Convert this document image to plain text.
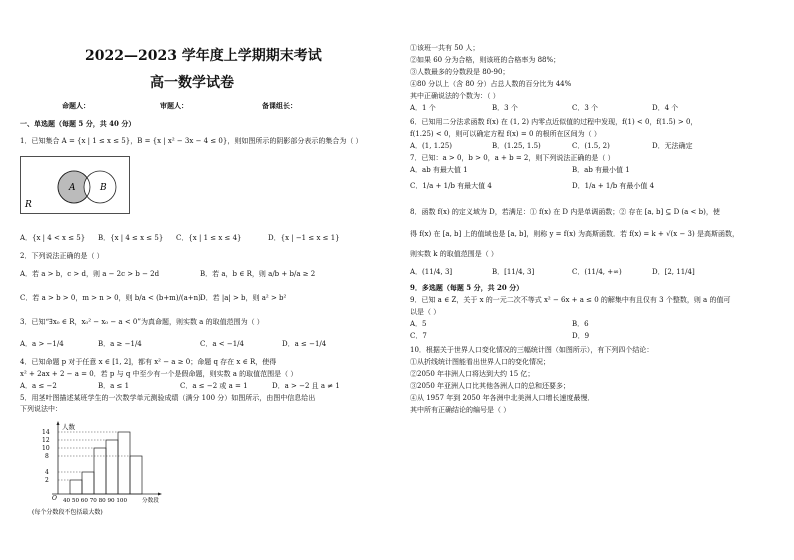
2022—2023 学年度上学期期末考试
高一数学试卷
命题人：	审题人：	备课组长：
一、单选题（每题 5 分，共 40 分）
1．已知集合 A = {x | 1 ≤ x ≤ 5}，B = {x | x² − 3x − 4 ≤ 0}，则如图所示的阴影部分表示的集合为（ ）
A	B
R
A．{x | 4 < x ≤ 5} B．{x | 4 ≤ x ≤ 5} C．{x | 1 ≤ x ≤ 4}	D．{x | −1 ≤ x ≤ 1}
2．下列说法正确的是（ ）
A．若 a > b，c > d，则 a − 2c > b − 2d	B．若 a，b ∈ R，则 a/b + b/a ≥ 2
C．若 a > b > 0，m > n > 0，则 b/a < (b+m)/(a+n) D．若 |a| > b，则 a² > b²
3．已知“∃x₀ ∈ R，x₀² − x₀ − a < 0”为真命题，则实数 a 的取值范围为（ ）
A．a > −1/4	B．a ≥ −1/4	C．a < −1/4	D．a ≤ −1/4
4．已知命题 p 对于任意 x ∈ [1, 2]，都有 x² − a ≥ 0；命题 q 存在 x ∈ R，使得
x² + 2ax + 2 − a = 0．若 p 与 q 中至少有一个是假命题，则实数 a 的取值范围是（ ）
A．a ≤ −2	B．a ≤ 1	C．a ≤ −2 或 a = 1	D．a > −2 且 a ≠ 1
5．用茎叶图描述某班学生的一次数学单元测验成绩（满分 100 分）如图所示，由图中信息给出
下列说法中：
人数
14
12
10
8
4
2
O 40 50 60 70 80 90 100	分数段
(每个分数段不包括最大数)
①该班一共有 50 人；
②如果 60 分为合格，则该班的合格率为 88%；
③人数最多的分数段是 80-90；
④80 分以上（含 80 分）占总人数的百分比为 44%
其中正确说法的个数为：（ ）
A．1 个	B．3 个	C．3 个	D．4 个
6．已知用二分法求函数 f(x) 在 (1, 2) 内零点近似值的过程中发现，f(1) < 0，f(1.5) > 0，
f(1.25) < 0，则可以确定方程 f(x) = 0 的根所在区间为（ ）
A．(1, 1.25)	B．(1.25, 1.5)	C．(1.5, 2)	D．无法确定
7．已知：a > 0，b > 0，a + b = 2，则下列说法正确的是（ ）
A．ab 有最大值 1	B．ab 有最小值 1
C．1/a + 1/b 有最大值 4	D．1/a + 1/b 有最小值 4
8．函数 f(x) 的定义域为 D，若满足：① f(x) 在 D 内是单调函数；② 存在 [a, b] ⊆ D (a < b)，使
得 f(x) 在 [a, b] 上的值域也是 [a, b]，则称 y = f(x) 为高斯函数．若 f(x) = k + √(x − 3) 是高斯函数，
则实数 k 的取值范围是（ ）
A．(11/4, 3]	B．[11/4, 3]	C．(11/4, +∞)	D．[2, 11/4]
9．多选题（每题 5 分，共 20 分）
9．已知 a ∈ Z，关于 x 的一元二次不等式 x² − 6x + a ≤ 0 的解集中有且仅有 3 个整数，则 a 的值可
以是（ ）
A．5	B．6
C．7	D．9
10．根据关于世界人口变化情况的三幅统计图（如图所示），有下列四个结论：
①从折线统计图能看出世界人口的变化情况；
②2050 年非洲人口将达到大约 15 亿；
③2050 年亚洲人口比其他各洲人口的总和还要多；
④从 1957 年到 2050 年各洲中北美洲人口增长速度最慢．
其中所有正确结论的编号是（ ）
